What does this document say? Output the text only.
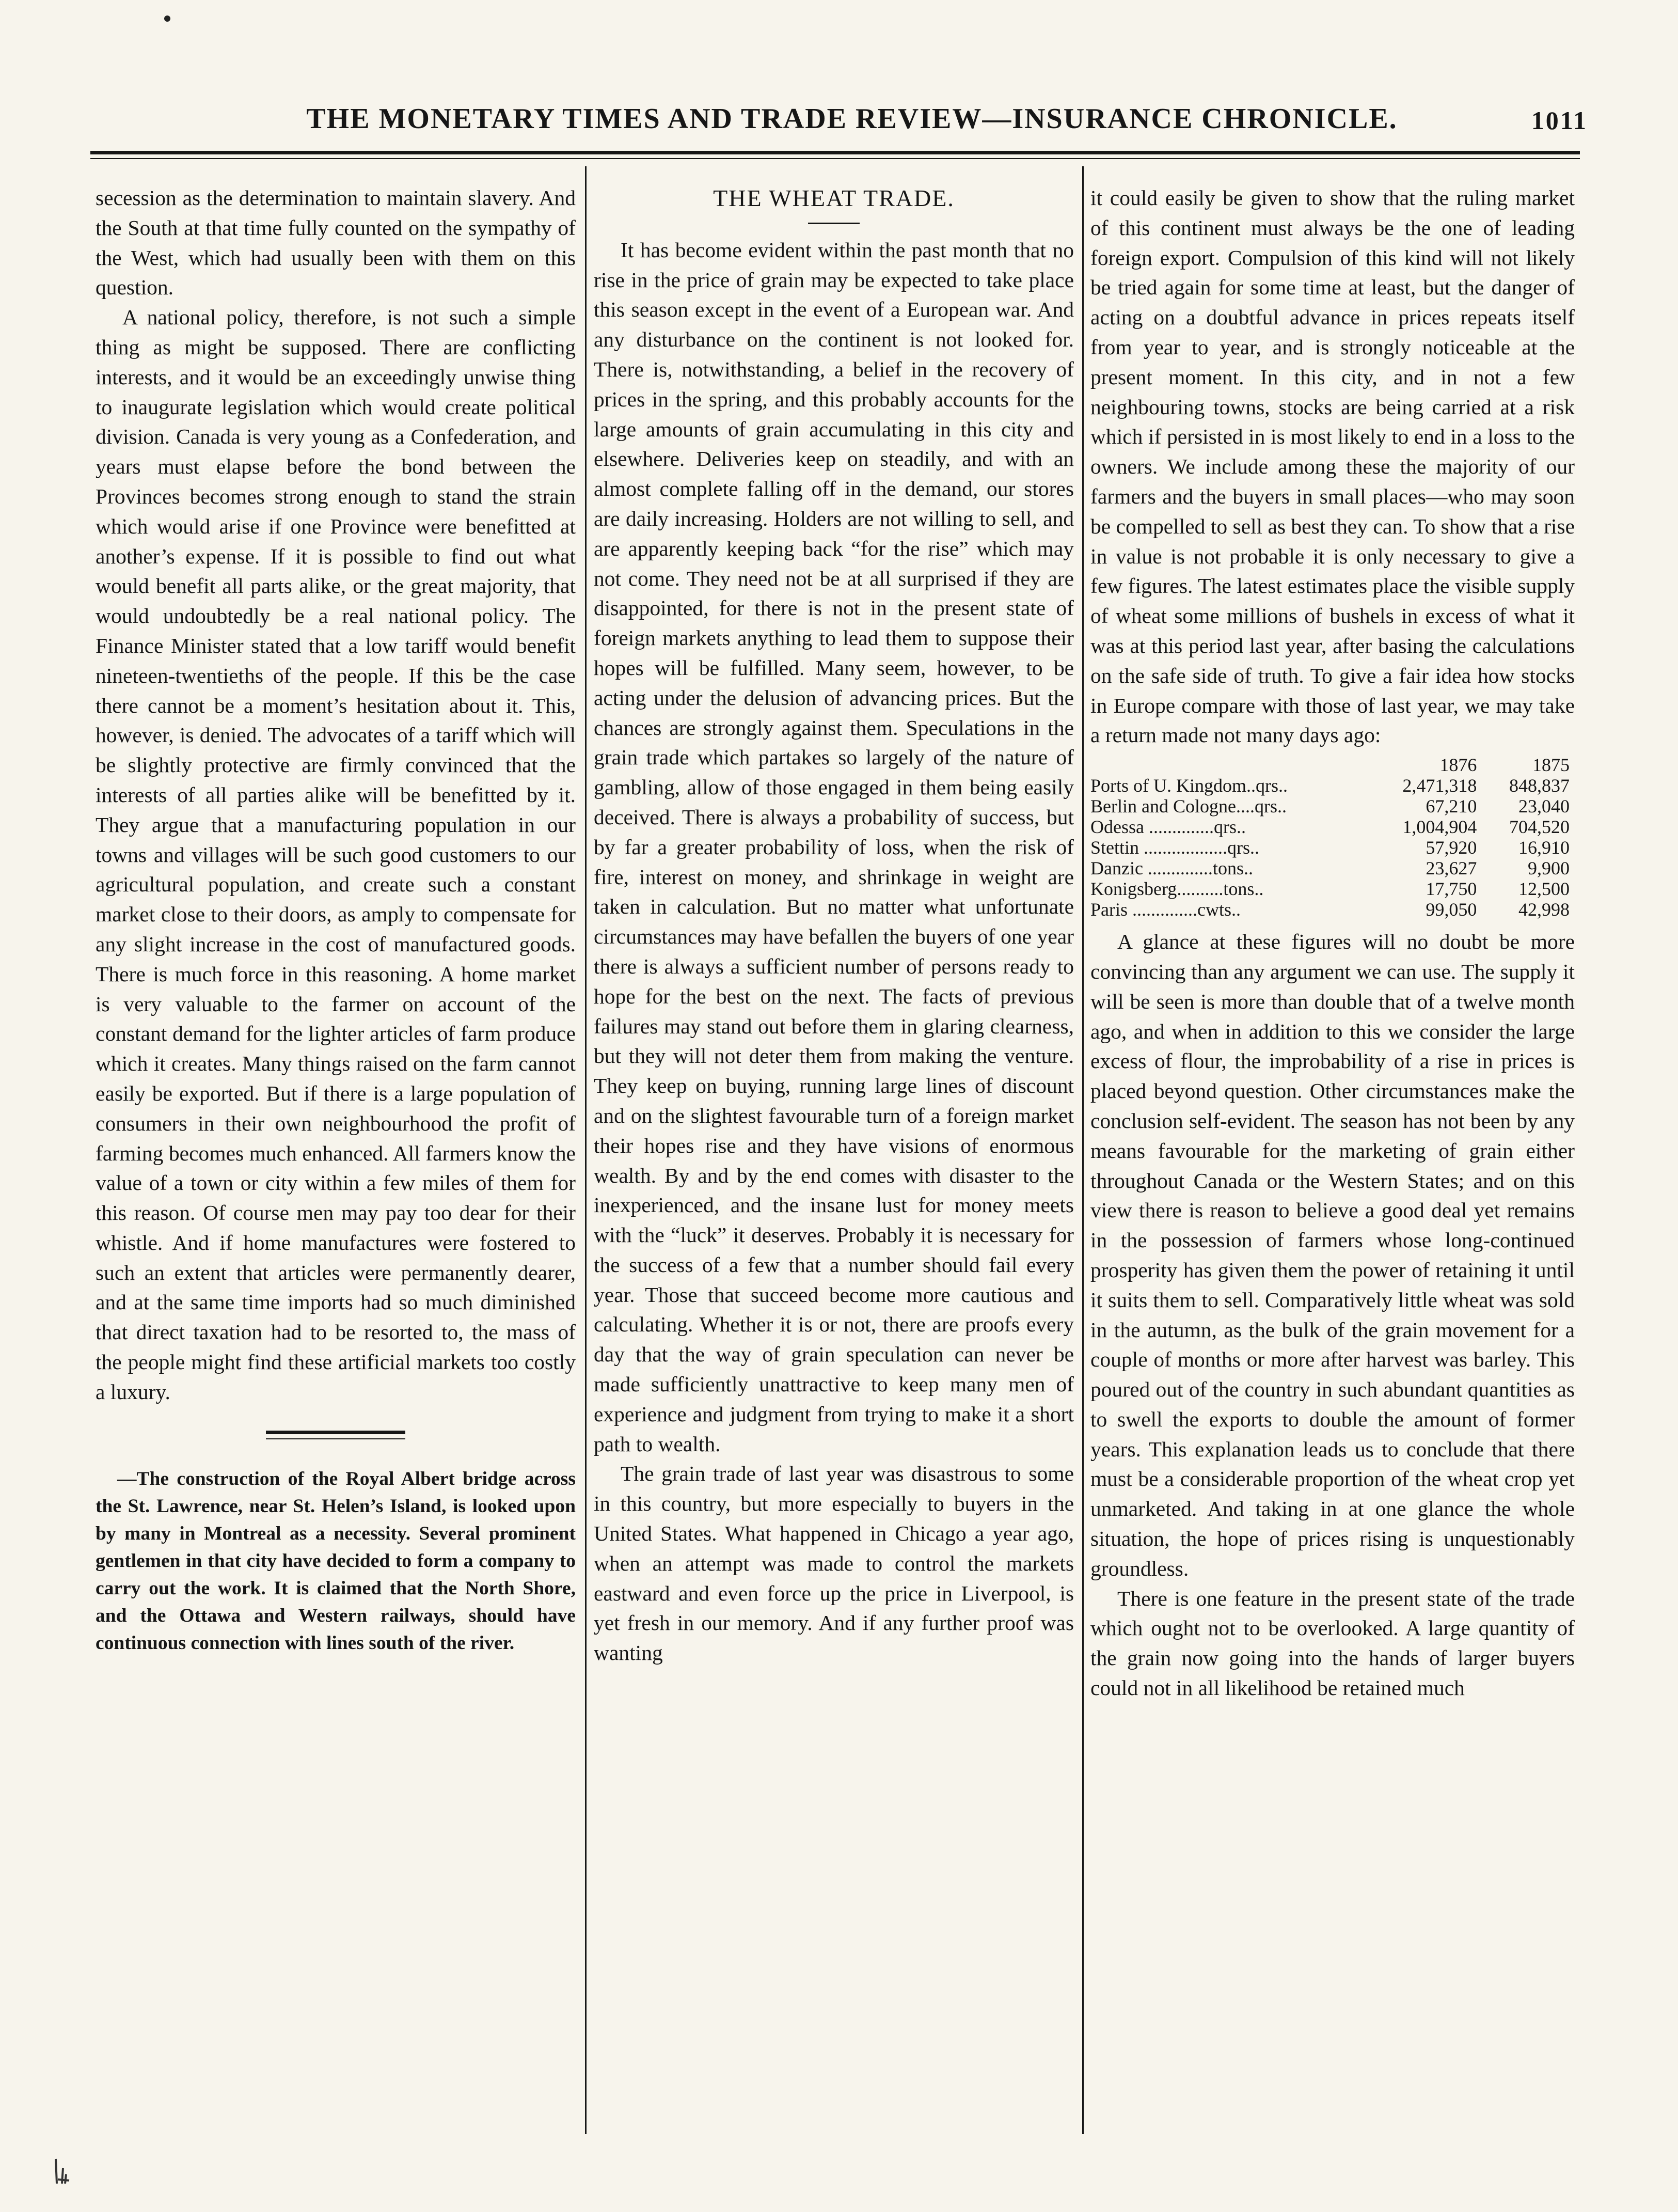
THE MONETARY TIMES AND TRADE REVIEW—INSURANCE CHRONICLE.	1011

secession as the determination to maintain slavery. And the South at that time fully counted on the sympathy of the West, which had usually been with them on this question.

A national policy, therefore, is not such a simple thing as might be supposed. There are conflicting interests, and it would be an exceedingly unwise thing to inaugurate legislation which would create political division. Canada is very young as a Confederation, and years must elapse before the bond between the Provinces becomes strong enough to stand the strain which would arise if one Province were benefitted at another’s expense. If it is possible to find out what would benefit all parts alike, or the great majority, that would undoubtedly be a real national policy. The Finance Minister stated that a low tariff would benefit nineteen-twentieths of the people. If this be the case there cannot be a moment’s hesitation about it. This, however, is denied. The advocates of a tariff which will be slightly protective are firmly convinced that the interests of all parties alike will be benefitted by it. They argue that a manufacturing population in our towns and villages will be such good customers to our agricultural population, and create such a constant market close to their doors, as amply to compensate for any slight increase in the cost of manufactured goods. There is much force in this reasoning. A home market is very valuable to the farmer on account of the constant demand for the lighter articles of farm produce which it creates. Many things raised on the farm cannot easily be exported. But if there is a large population of consumers in their own neighbourhood the profit of farming becomes much enhanced. All farmers know the value of a town or city within a few miles of them for this reason. Of course men may pay too dear for their whistle. And if home manufactures were fostered to such an extent that articles were permanently dearer, and at the same time imports had so much diminished that direct taxation had to be resorted to, the mass of the people might find these artificial markets too costly a luxury.

—The construction of the Royal Albert bridge across the St. Lawrence, near St. Helen’s Island, is looked upon by many in Montreal as a necessity. Several prominent gentlemen in that city have decided to form a company to carry out the work. It is claimed that the North Shore, and the Ottawa and Western railways, should have continuous connection with lines south of the river.

THE WHEAT TRADE.

It has become evident within the past month that no rise in the price of grain may be expected to take place this season except in the event of a European war. And any disturbance on the continent is not looked for. There is, notwithstanding, a belief in the recovery of prices in the spring, and this probably accounts for the large amounts of grain accumulating in this city and elsewhere. Deliveries keep on steadily, and with an almost complete falling off in the demand, our stores are daily increasing. Holders are not willing to sell, and are apparently keeping back “for the rise” which may not come. They need not be at all surprised if they are disappointed, for there is not in the present state of foreign markets anything to lead them to suppose their hopes will be fulfilled. Many seem, however, to be acting under the delusion of advancing prices. But the chances are strongly against them. Speculations in the grain trade which partakes so largely of the nature of gambling, allow of those engaged in them being easily deceived. There is always a probability of success, but by far a greater probability of loss, when the risk of fire, interest on money, and shrinkage in weight are taken in calculation. But no matter what unfortunate circumstances may have befallen the buyers of one year there is always a sufficient number of persons ready to hope for the best on the next. The facts of previous failures may stand out before them in glaring clearness, but they will not deter them from making the venture. They keep on buying, running large lines of discount and on the slightest favourable turn of a foreign market their hopes rise and they have visions of enormous wealth. By and by the end comes with disaster to the inexperienced, and the insane lust for money meets with the “luck” it deserves. Probably it is necessary for the success of a few that a number should fail every year. Those that succeed become more cautious and calculating. Whether it is or not, there are proofs every day that the way of grain speculation can never be made sufficiently unattractive to keep many men of experience and judgment from trying to make it a short path to wealth.

The grain trade of last year was disastrous to some in this country, but more especially to buyers in the United States. What happened in Chicago a year ago, when an attempt was made to control the markets eastward and even force up the price in Liverpool, is yet fresh in our memory. And if any further proof was wanting

it could easily be given to show that the ruling market of this continent must always be the one of leading foreign export. Compulsion of this kind will not likely be tried again for some time at least, but the danger of acting on a doubtful advance in prices repeats itself from year to year, and is strongly noticeable at the present moment. In this city, and in not a few neighbouring towns, stocks are being carried at a risk which if persisted in is most likely to end in a loss to the owners. We include among these the majority of our farmers and the buyers in small places—who may soon be compelled to sell as best they can. To show that a rise in value is not probable it is only necessary to give a few figures. The latest estimates place the visible supply of wheat some millions of bushels in excess of what it was at this period last year, after basing the calculations on the safe side of truth. To give a fair idea how stocks in Europe compare with those of last year, we may take a return made not many days ago:

	1876	1875
Ports of U. Kingdom..qrs..	2,471,318	848,837
Berlin and Cologne....qrs..	67,210	23,040
Odessa ..............qrs..	1,004,904	704,520
Stettin ..................qrs..	57,920	16,910
Danzic ..............tons..	23,627	9,900
Konigsberg..........tons..	17,750	12,500
Paris ..............cwts..	99,050	42,998

A glance at these figures will no doubt be more convincing than any argument we can use. The supply it will be seen is more than double that of a twelve month ago, and when in addition to this we consider the large excess of flour, the improbability of a rise in prices is placed beyond question. Other circumstances make the conclusion self-evident. The season has not been by any means favourable for the marketing of grain either throughout Canada or the Western States; and on this view there is reason to believe a good deal yet remains in the possession of farmers whose long-continued prosperity has given them the power of retaining it until it suits them to sell. Comparatively little wheat was sold in the autumn, as the bulk of the grain movement for a couple of months or more after harvest was barley. This poured out of the country in such abundant quantities as to swell the exports to double the amount of former years. This explanation leads us to conclude that there must be a considerable proportion of the wheat crop yet unmarketed. And taking in at one glance the whole situation, the hope of prices rising is unquestionably groundless.

There is one feature in the present state of the trade which ought not to be overlooked. A large quantity of the grain now going into the hands of larger buyers could not in all likelihood be retained much
